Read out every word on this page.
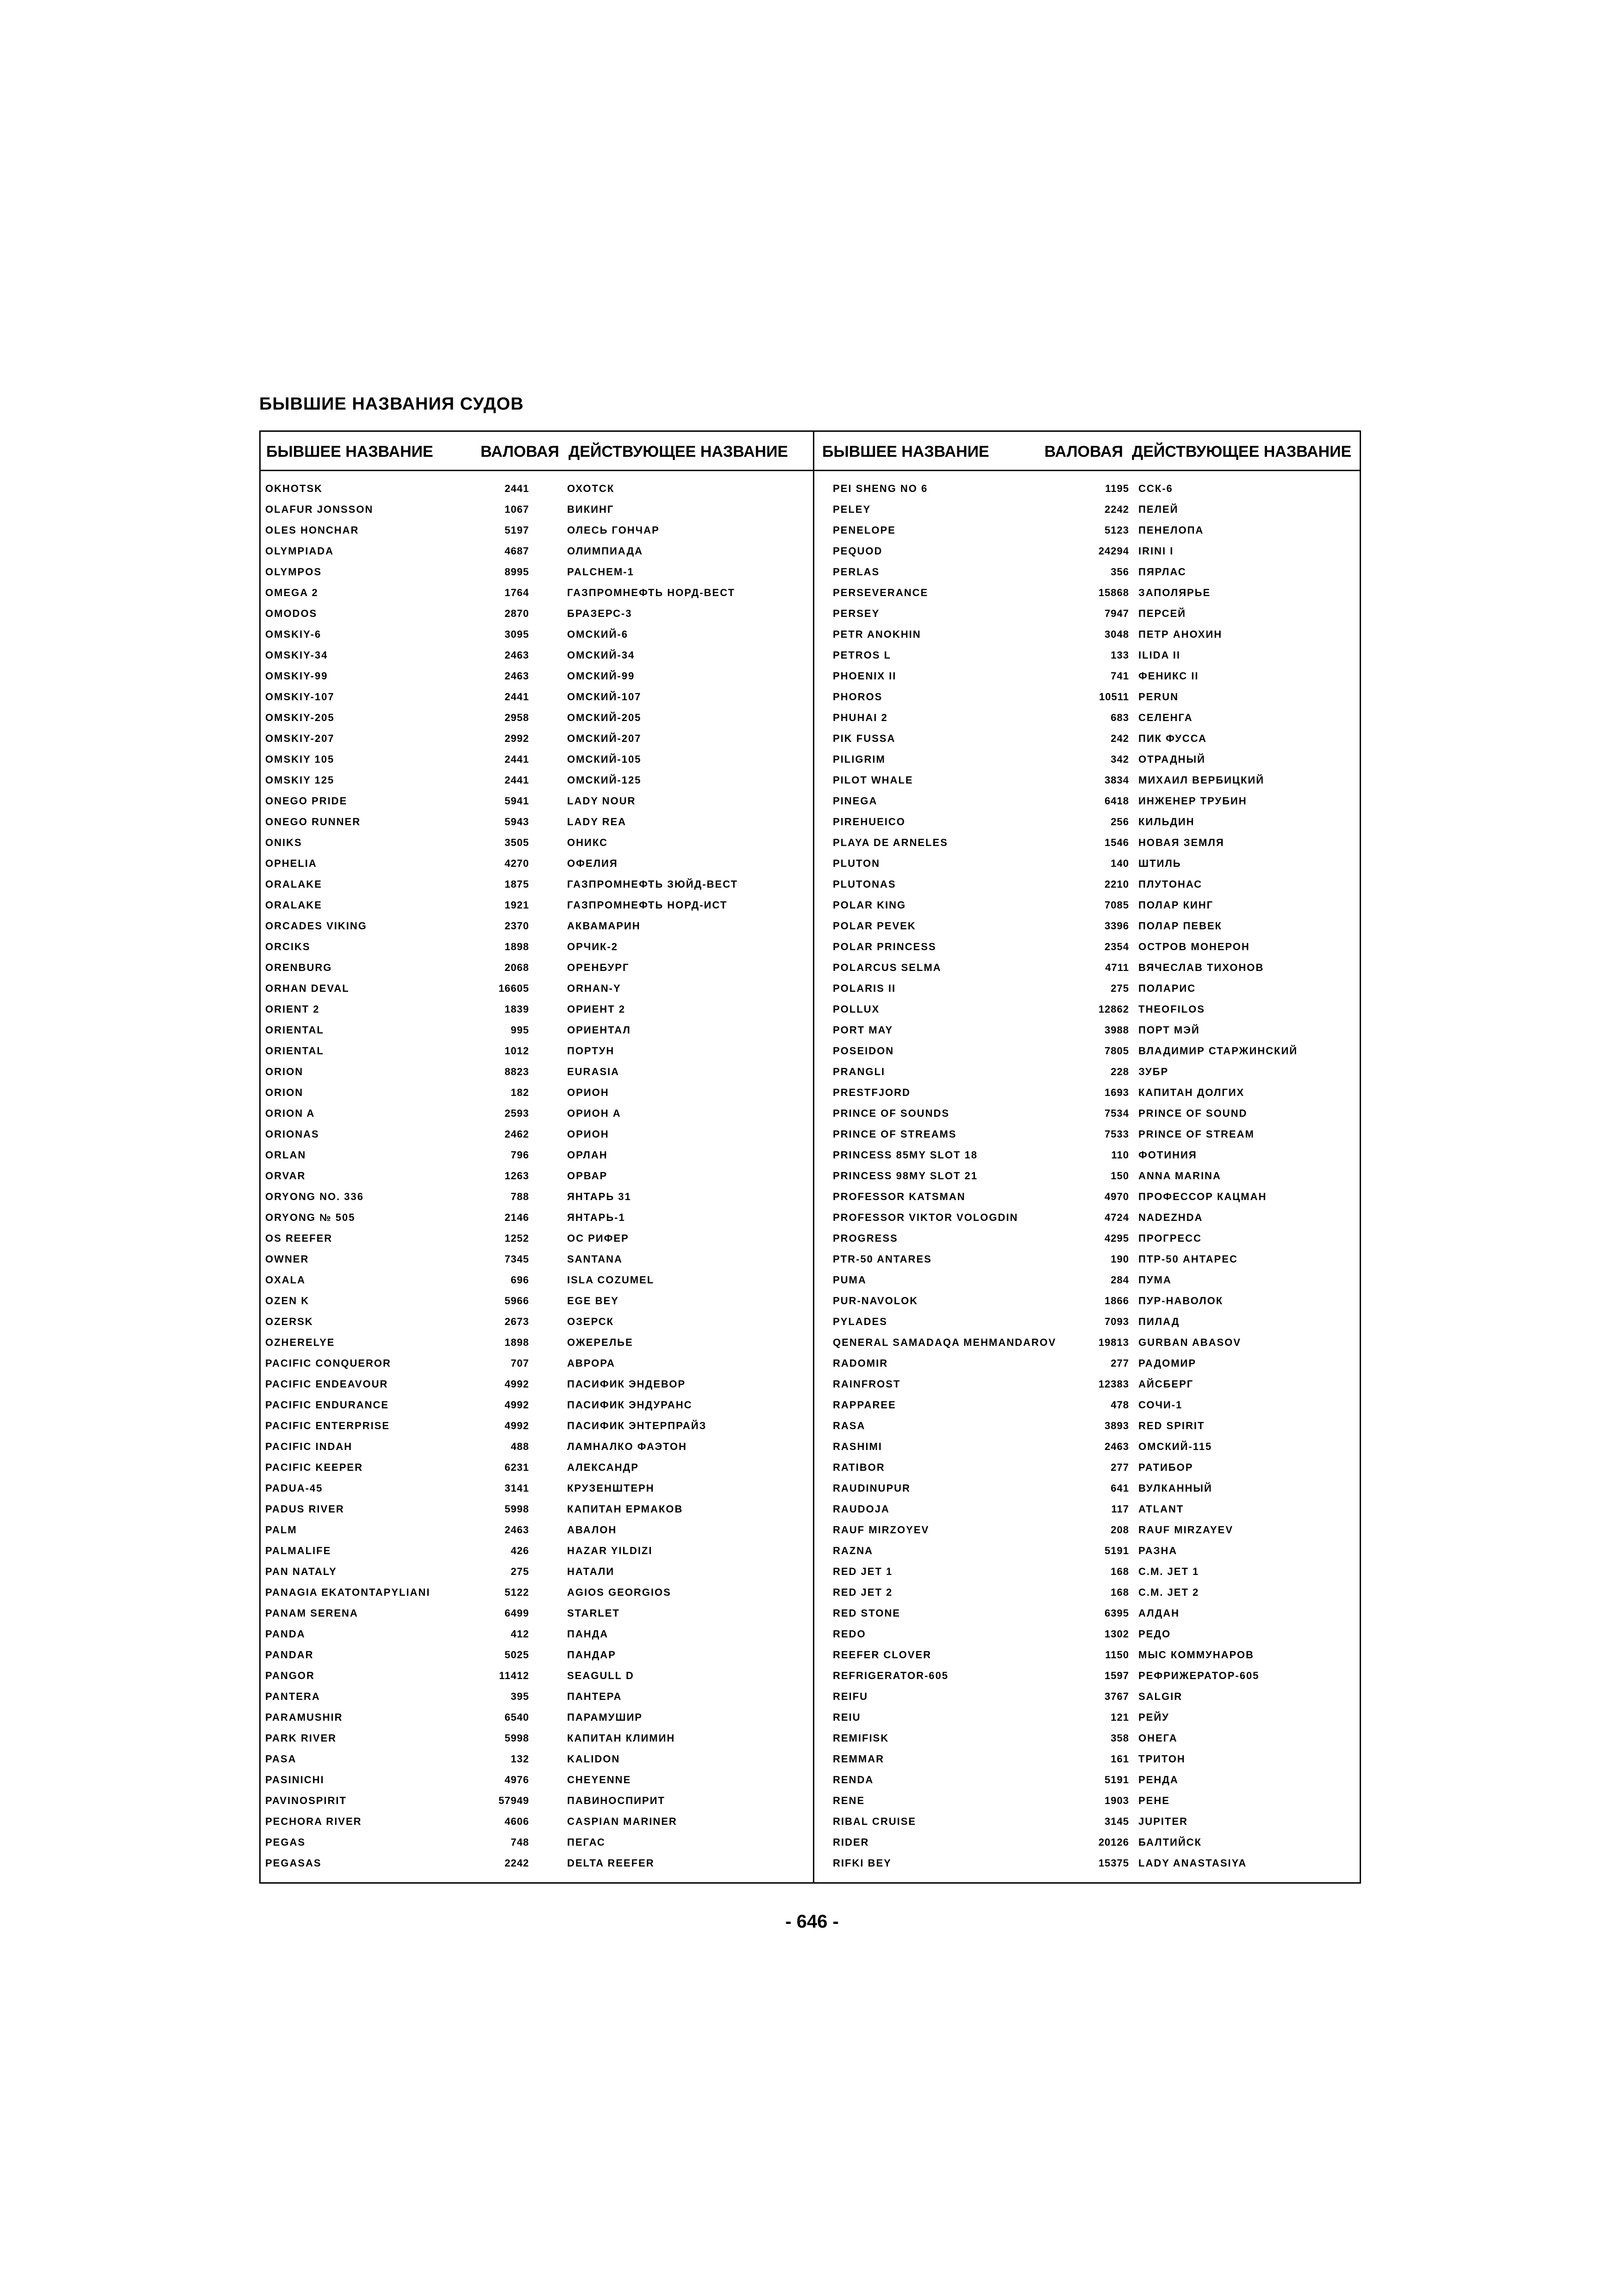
БЫВШИЕ НАЗВАНИЯ СУДОВ
БЫВШЕЕ НАЗВАНИЕ	ВАЛОВАЯ ДЕЙСТВУЮЩЕЕ НАЗВАНИЕ БЫВШЕЕ НАЗВАНИЕ	ВАЛОВАЯ ДЕЙСТВУЮЩЕЕ НАЗВАНИЕ
OKHOTSK	2441	ОХОТСК
OLAFUR JONSSON	1067	ВИКИНГ
OLES HONCHAR	5197	ОЛЕСЬ ГОНЧАР
OLYMPIADA	4687	ОЛИМПИАДА
OLYMPOS	8995	PALCHEM-1
OMEGA 2	1764	ГАЗПРОМНЕФТЬ НОРД-ВЕСТ
OMODOS	2870	БРАЗЕРС-3
OMSKIY-6	3095	ОМСКИЙ-6
OMSKIY-34	2463	ОМСКИЙ-34
OMSKIY-99	2463	ОМСКИЙ-99
OMSKIY-107	2441	ОМСКИЙ-107
OMSKIY-205	2958	ОМСКИЙ-205
OMSKIY-207	2992	ОМСКИЙ-207
OMSKIY 105	2441	ОМСКИЙ-105
OMSKIY 125	2441	ОМСКИЙ-125
ONEGO PRIDE	5941	LADY NOUR
ONEGO RUNNER	5943	LADY REA
ONIKS	3505	ОНИКС
OPHELIA	4270	ОФЕЛИЯ
ORALAKE	1875	ГАЗПРОМНЕФТЬ ЗЮЙД-ВЕСТ
ORALAKE	1921	ГАЗПРОМНЕФТЬ НОРД-ИСТ
ORCADES VIKING	2370	АКВАМАРИН
ORCIKS	1898	ОРЧИК-2
ORENBURG	2068	ОРЕНБУРГ
ORHAN DEVAL	16605	ORHAN-Y
ORIENT 2	1839	ОРИЕНТ 2
ORIENTAL	995	ОРИЕНТАЛ
ORIENTAL	1012	ПОРТУН
ORION	8823	EURASIA
ORION	182	ОРИОН
ORION A	2593	ОРИОН А
ORIONAS	2462	ОРИОН
ORLAN	796	ОРЛАН
ORVAR	1263	ОРВАР
ORYONG NO. 336	788	ЯНТАРЬ 31
ORYONG № 505	2146	ЯНТАРЬ-1
OS REEFER	1252	ОС РИФЕР
OWNER	7345	SANTANA
OXALA	696	ISLA COZUMEL
OZEN K	5966	EGE BEY
OZERSK	2673	ОЗЕРСК
OZHERELYE	1898	ОЖЕРЕЛЬЕ
PACIFIC CONQUEROR	707	АВРОРА
PACIFIC ENDEAVOUR	4992	ПАСИФИК ЭНДЕВОР
PACIFIC ENDURANCE	4992	ПАСИФИК ЭНДУРАНС
PACIFIC ENTERPRISE	4992	ПАСИФИК ЭНТЕРПРАЙЗ
PACIFIC INDAH	488	ЛАМНАЛКО ФАЭТОН
PACIFIC KEEPER	6231	АЛЕКСАНДР
PADUA-45	3141	КРУЗЕНШТЕРН
PADUS RIVER	5998	КАПИТАН ЕРМАКОВ
PALM	2463	АВАЛОН
PALMALIFE	426	HAZAR YILDIZI
PAN NATALY	275	НАТАЛИ
PANAGIA EKATONTAPYLIANI	5122	AGIOS GEORGIOS
PANAM SERENA	6499	STARLET
PANDA	412	ПАНДА
PANDAR	5025	ПАНДАР
PANGOR	11412	SEAGULL D
PANTERA	395	ПАНТЕРА
PARAMUSHIR	6540	ПАРАМУШИР
PARK RIVER	5998	КАПИТАН КЛИМИН
PASA	132	KALIDON
PASINICHI	4976	CHEYENNE
PAVINOSPIRIT	57949	ПАВИНОСПИРИТ
PECHORA RIVER	4606	CASPIAN MARINER
PEGAS	748	ПЕГАС
PEGASAS	2242	DELTA REEFER
PEI SHENG NO 6	1195 ССК-6
PELEY	2242 ПЕЛЕЙ
PENELOPE	5123 ПЕНЕЛОПА
PEQUOD	24294 IRINI I
PERLAS	356 ПЯРЛАС
PERSEVERANCE	15868 ЗАПОЛЯРЬЕ
PERSEY	7947 ПЕРСЕЙ
PETR ANOKHIN	3048 ПЕТР АНОХИН
PETROS L	133 ILIDA II
PHOENIX II	741 ФЕНИКС II
PHOROS	10511 PERUN
PHUHAI 2	683 СЕЛЕНГА
PIK FUSSA	242 ПИК ФУССА
PILIGRIM	342 ОТРАДНЫЙ
PILOT WHALE	3834 МИХАИЛ ВЕРБИЦКИЙ
PINEGA	6418 ИНЖЕНЕР ТРУБИН
PIREHUEICO	256 КИЛЬДИН
PLAYA DE ARNELES	1546 НОВАЯ ЗЕМЛЯ
PLUTON	140 ШТИЛЬ
PLUTONAS	2210 ПЛУТОНАС
POLAR KING	7085 ПОЛАР КИНГ
POLAR PEVEK	3396 ПОЛАР ПЕВЕК
POLAR PRINCESS	2354 ОСТРОВ МОНЕРОН
POLARCUS SELMA	4711 ВЯЧЕСЛАВ ТИХОНОВ
POLARIS II	275 ПОЛАРИС
POLLUX	12862 THEOFILOS
PORT MAY	3988 ПОРТ МЭЙ
POSEIDON	7805 ВЛАДИМИР СТАРЖИНСКИЙ
PRANGLI	228 ЗУБР
PRESTFJORD	1693 КАПИТАН ДОЛГИХ
PRINCE OF SOUNDS	7534 PRINCE OF SOUND
PRINCE OF STREAMS	7533 PRINCE OF STREAM
PRINCESS 85MY SLOT 18	110 ФОТИНИЯ
PRINCESS 98MY SLOT 21	150 ANNA MARINA
PROFESSOR KATSMAN	4970 ПРОФЕССОР КАЦМАН
PROFESSOR VIKTOR VOLOGDIN	4724 NADEZHDA
PROGRESS	4295 ПРОГРЕСС
PTR-50 ANTARES	190 ПТР-50 АНТАРЕС
PUMA	284 ПУМА
PUR-NAVOLOK	1866 ПУР-НАВОЛОК
PYLADES	7093 ПИЛАД
QENERAL SAMADAQA MEHMANDAROV	19813 GURBAN ABASOV
RADOMIR	277 РАДОМИР
RAINFROST	12383 АЙСБЕРГ
RAPPAREE	478 СОЧИ-1
RASA	3893 RED SPIRIT
RASHIMI	2463 ОМСКИЙ-115
RATIBOR	277 РАТИБОР
RAUDINUPUR	641 ВУЛКАННЫЙ
RAUDOJA	117 ATLANT
RAUF MIRZOYEV	208 RAUF MIRZAYEV
RAZNA	5191 РАЗНА
RED JET 1	168 C.M. JET 1
RED JET 2	168 C.M. JET 2
RED STONE	6395 АЛДАН
REDO	1302 РЕДО
REEFER CLOVER	1150 МЫС КОММУНАРОВ
REFRIGERATOR-605	1597 РЕФРИЖЕРАТОР-605
REIFU	3767 SALGIR
REIU	121 РЕЙУ
REMIFISK	358 ОНЕГА
REMMAR	161 ТРИТОН
RENDA	5191 РЕНДА
RENE	1903 РЕНЕ
RIBAL CRUISE	3145 JUPITER
RIDER	20126 БАЛТИЙСК
RIFKI BEY	15375 LADY ANASTASIYA
- 646 -
